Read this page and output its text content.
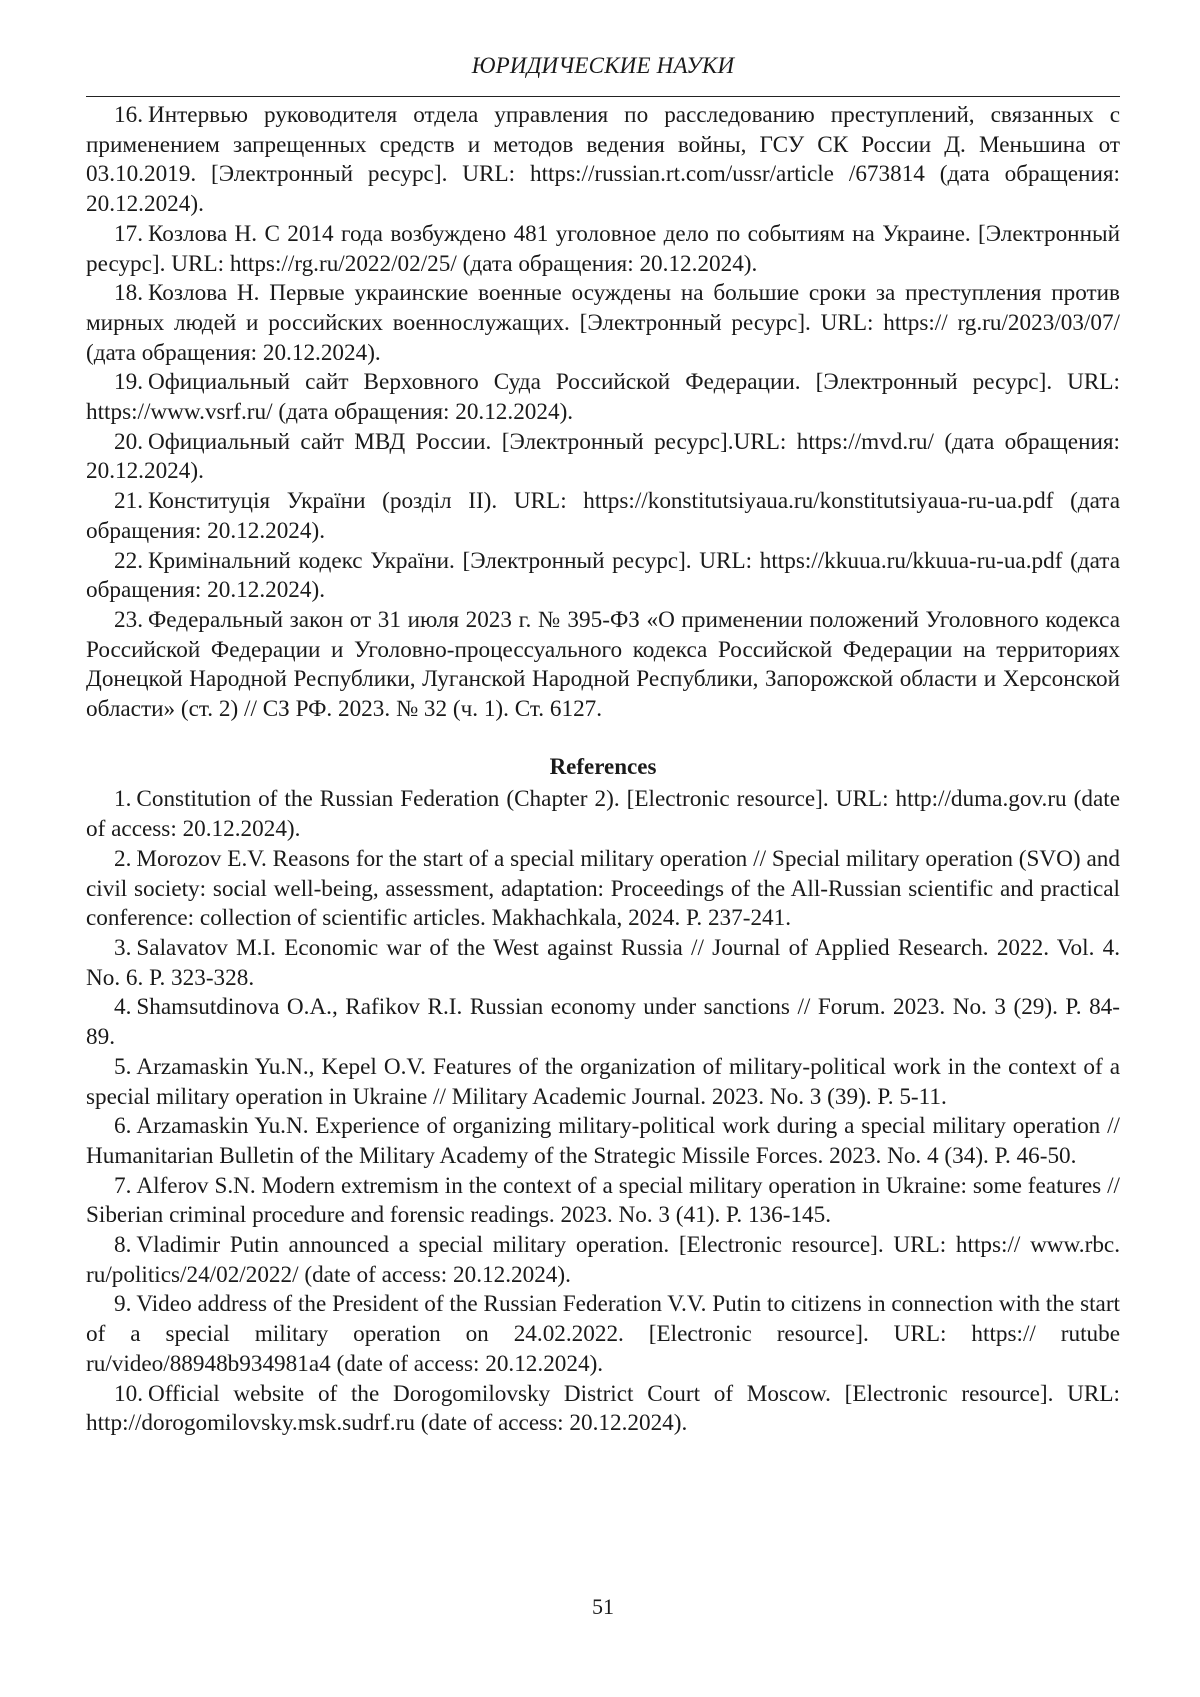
ЮРИДИЧЕСКИЕ НАУКИ
16. Интервью руководителя отдела управления по расследованию преступлений, связанных с применением запрещенных средств и методов ведения войны, ГСУ СК России Д. Меньшина от 03.10.2019. [Электронный ресурс]. URL: https://russian.rt.com/ussr/article /673814 (дата обращения: 20.12.2024).
17. Козлова Н. С 2014 года возбуждено 481 уголовное дело по событиям на Украине. [Электронный ресурс]. URL: https://rg.ru/2022/02/25/ (дата обращения: 20.12.2024).
18. Козлова Н. Первые украинские военные осуждены на большие сроки за преступления против мирных людей и российских военнослужащих. [Электронный ресурс]. URL: https:// rg.ru/2023/03/07/ (дата обращения: 20.12.2024).
19. Официальный сайт Верховного Суда Российской Федерации. [Электронный ресурс]. URL: https://www.vsrf.ru/ (дата обращения: 20.12.2024).
20. Официальный сайт МВД России. [Электронный ресурс].URL: https://mvd.ru/ (дата обращения: 20.12.2024).
21. Конституція України (розділ II). URL: https://konstitutsiyaua.ru/konstitutsiyaua-ru-ua.pdf (дата обращения: 20.12.2024).
22. Кримінальний кодекс України. [Электронный ресурс]. URL: https://kkuua.ru/kkuua-ru-ua.pdf (дата обращения: 20.12.2024).
23. Федеральный закон от 31 июля 2023 г. № 395-ФЗ «О применении положений Уголовного кодекса Российской Федерации и Уголовно-процессуального кодекса Российской Федерации на территориях Донецкой Народной Республики, Луганской Народной Республики, Запорожской области и Херсонской области» (ст. 2) // СЗ РФ. 2023. № 32 (ч. 1). Ст. 6127.
References
1. Constitution of the Russian Federation (Chapter 2). [Electronic resource]. URL: http://duma.gov.ru (date of access: 20.12.2024).
2. Morozov E.V. Reasons for the start of a special military operation // Special military operation (SVO) and civil society: social well-being, assessment, adaptation: Proceedings of the All-Russian scientific and practical conference: collection of scientific articles. Makhachkala, 2024. P. 237-241.
3. Salavatov M.I. Economic war of the West against Russia // Journal of Applied Research. 2022. Vol. 4. No. 6. P. 323-328.
4. Shamsutdinova O.A., Rafikov R.I. Russian economy under sanctions // Forum. 2023. No. 3 (29). P. 84-89.
5. Arzamaskin Yu.N., Kepel O.V. Features of the organization of military-political work in the context of a special military operation in Ukraine // Military Academic Journal. 2023. No. 3 (39). P. 5-11.
6. Arzamaskin Yu.N. Experience of organizing military-political work during a special military operation // Humanitarian Bulletin of the Military Academy of the Strategic Missile Forces. 2023. No. 4 (34). P. 46-50.
7. Alferov S.N. Modern extremism in the context of a special military operation in Ukraine: some features // Siberian criminal procedure and forensic readings. 2023. No. 3 (41). P. 136-145.
8. Vladimir Putin announced a special military operation. [Electronic resource]. URL: https:// www.rbc. ru/politics/24/02/2022/ (date of access: 20.12.2024).
9. Video address of the President of the Russian Federation V.V. Putin to citizens in connection with the start of a special military operation on 24.02.2022. [Electronic resource]. URL: https:// rutube ru/video/88948b934981a4 (date of access: 20.12.2024).
10. Official website of the Dorogomilovsky District Court of Moscow. [Electronic resource]. URL: http://dorogomilovsky.msk.sudrf.ru (date of access: 20.12.2024).
51
